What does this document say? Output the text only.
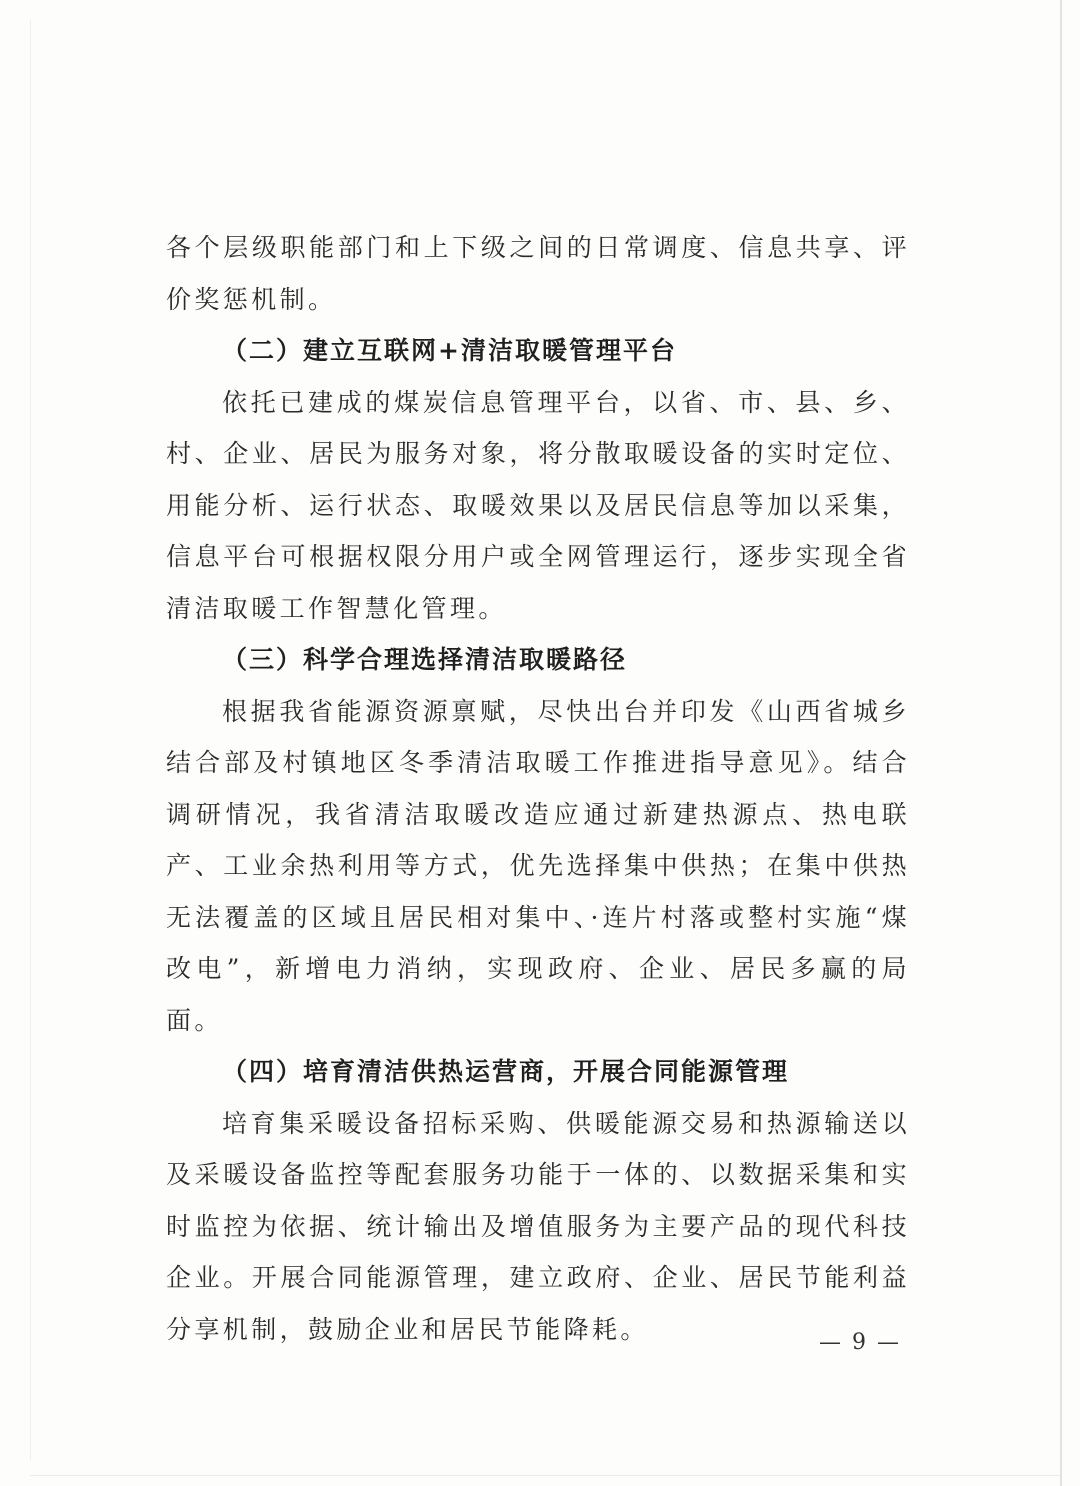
各个层级职能部门和上下级之间的日常调度、信息共享、评价奖惩机制。

（二）建立互联网+清洁取暖管理平台

依托已建成的煤炭信息管理平台，以省、市、县、乡、村、企业、居民为服务对象，将分散取暖设备的实时定位、用能分析、运行状态、取暖效果以及居民信息等加以采集，信息平台可根据权限分用户或全网管理运行，逐步实现全省清洁取暖工作智慧化管理。

（三）科学合理选择清洁取暖路径

根据我省能源资源禀赋，尽快出台并印发《山西省城乡结合部及村镇地区冬季清洁取暖工作推进指导意见》。结合调研情况，我省清洁取暖改造应通过新建热源点、热电联产、工业余热利用等方式，优先选择集中供热；在集中供热无法覆盖的区域且居民相对集中、·连片村落或整村实施“煤改电”，新增电力消纳，实现政府、企业、居民多赢的局面。

（四）培育清洁供热运营商，开展合同能源管理

培育集采暖设备招标采购、供暖能源交易和热源输送以及采暖设备监控等配套服务功能于一体的、以数据采集和实时监控为依据、统计输出及增值服务为主要产品的现代科技企业。开展合同能源管理，建立政府、企业、居民节能利益分享机制，鼓励企业和居民节能降耗。	— 9 —
